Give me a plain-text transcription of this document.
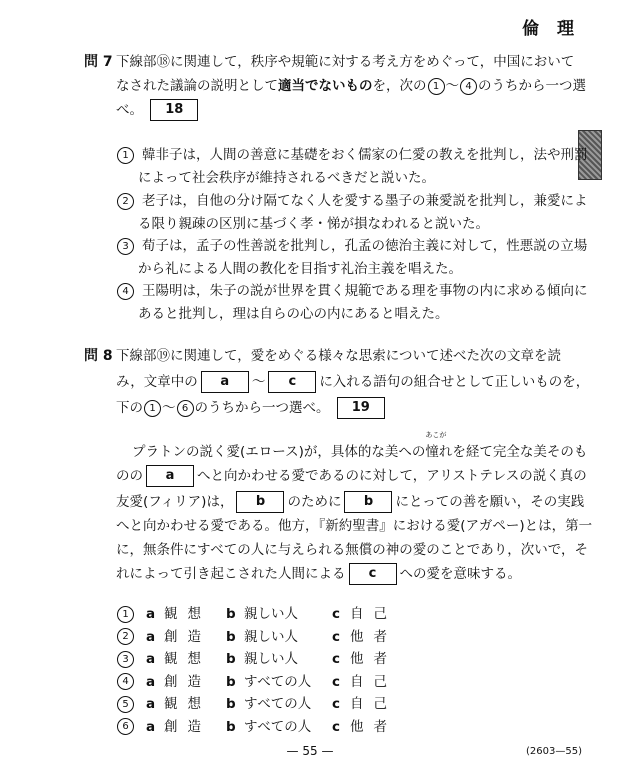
倫 理
問 7 下線部⑱に関連して，秩序や規範に対する考え方をめぐって，中国において
なされた議論の説明として適当でないものを，次の 1 〜 4 のうちから一つ選
べ。 18
1 韓非子は，人間の善意に基礎をおく儒家の仁愛の教えを批判し，法や刑罰
によって社会秩序が維持されるべきだと説いた。
2 老子は，自他の分け隔てなく人を愛する墨子の兼愛説を批判し，兼愛によ
る限り親疎の区別に基づく孝・悌が損なわれると説いた。
3 荀子は，孟子の性善説を批判し，孔孟の徳治主義に対して，性悪説の立場
から礼による人間の教化を目指す礼治主義を唱えた。
4 王陽明は，朱子の説が世界を貫く規範である理を事物の内に求める傾向に
あると批判し，理は自らの心の内にあると唱えた。
問 8 下線部⑲に関連して，愛をめぐる様々な思索について述べた次の文章を読
み，文章中の a 〜 c に入れる語句の組合せとして正しいものを，
下の 1 〜 6 のうちから一つ選べ。 19
プラトンの説く愛(エロース)が，具体的な美への
あこが
憧れを経て完全な美そのも
のの a へと向かわせる愛であるのに対して，アリストテレスの説く真の
友愛(フィリア)は， b のために b にとっての善を願い，その実践
へと向かわせる愛である。他方，『新約聖書』における愛(アガペー)とは，第一
に，無条件にすべての人に与えられる無償の神の愛のことであり，次いで，そ
れによって引き起こされた人間による c への愛を意味する。
1 a 観想 b 親しい人	c 自己
2 a 創造 b 親しい人	c 他者
3 a 観想 b 親しい人	c 他者
4 a 創造 b すべての人 c 自己
5 a 観想 b すべての人 c 自己
6 a 創造 b すべての人 c 他者
— 55 —	(2603—55)
